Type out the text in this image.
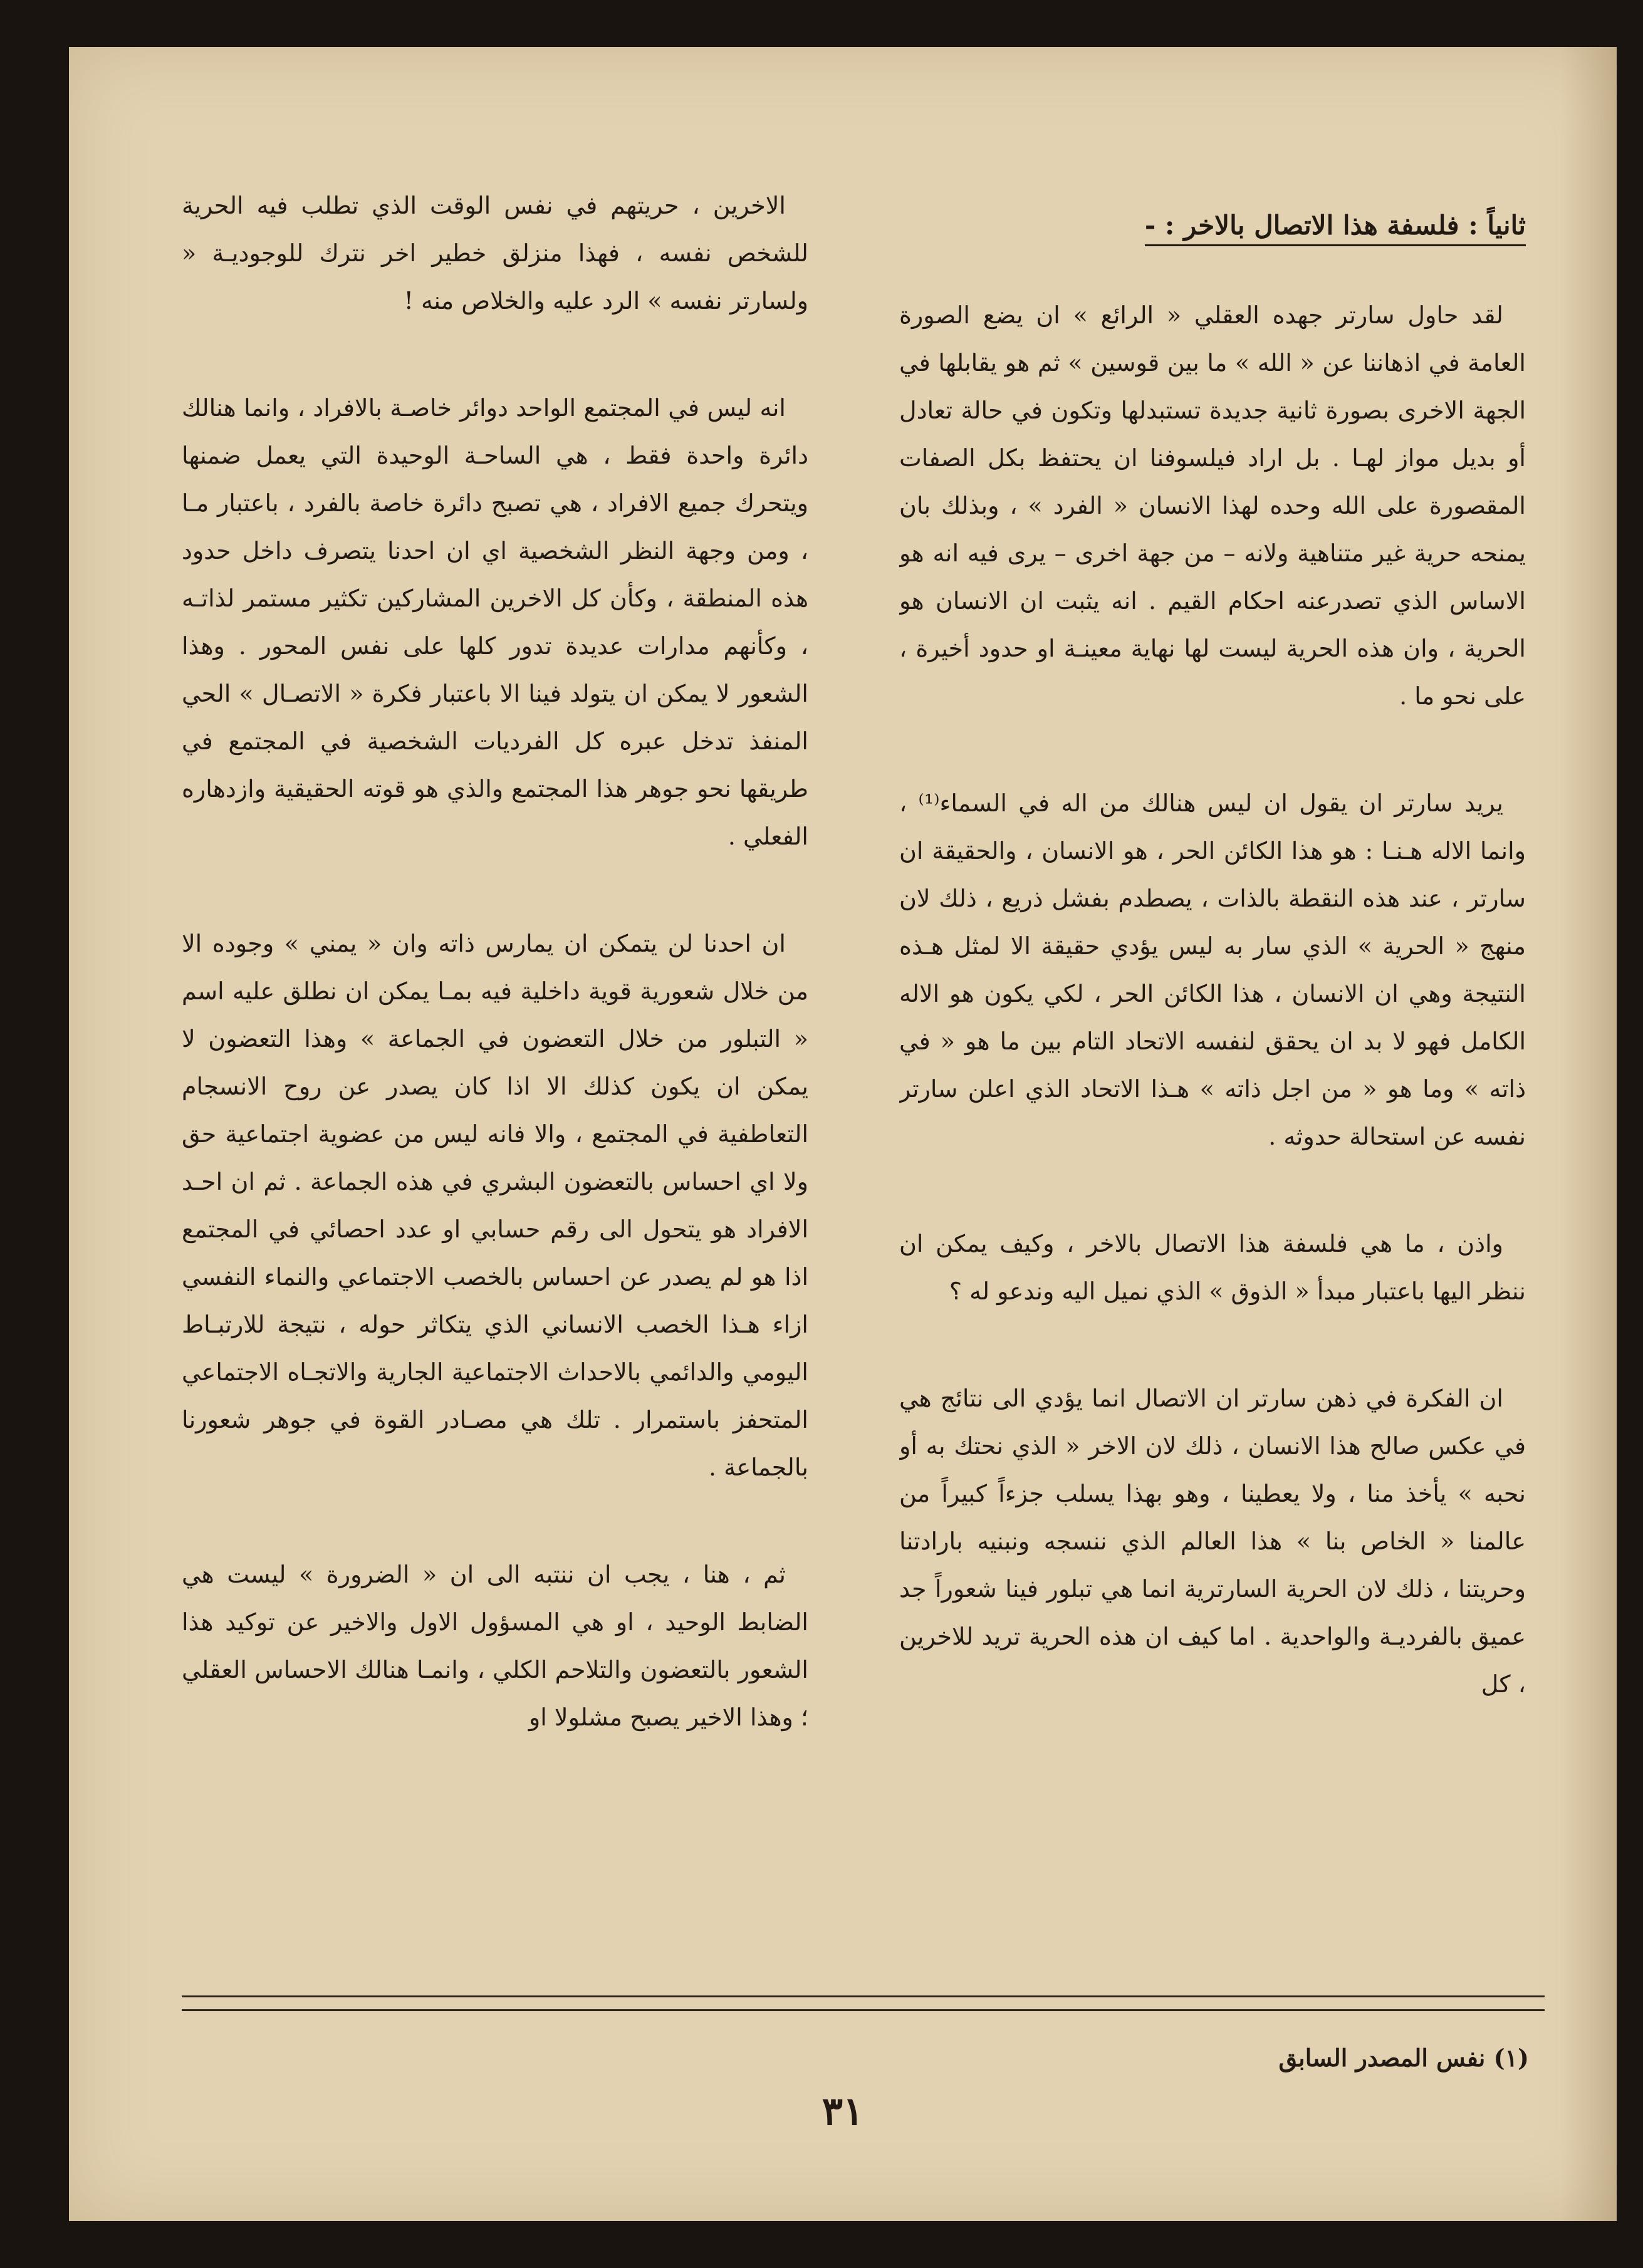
ثانياً : فلسفة هذا الاتصال بالاخر : -

لقد حاول سارتر جهده العقلي « الرائع » ان يضع الصورة العامة في اذهاننا عن « الله » ما بين قوسين » ثم هو يقابلها في الجهة الاخرى بصورة ثانية جديدة تستبدلها وتكون في حالة تعادل أو بديل مواز لهـا . بل اراد فيلسوفنا ان يحتفظ بكل الصفات المقصورة على الله وحده لهذا الانسان « الفرد » ، وبذلك بان يمنحه حرية غير متناهية ولانه – من جهة اخرى – يرى فيه انه هو الاساس الذي تصدرعنه احكام القيم . انه يثبت ان الانسان هو الحرية ، وان هذه الحرية ليست لها نهاية معينـة او حدود أخيرة ، على نحو ما .

يريد سارتر ان يقول ان ليس هنالك من اله في السماء⁽¹⁾ ، وانما الاله هـنـا : هو هذا الكائن الحر ، هو الانسان ، والحقيقة ان سارتر ، عند هذه النقطة بالذات ، يصطدم بفشل ذريع ، ذلك لان منهج « الحرية » الذي سار به ليس يؤدي حقيقة الا لمثل هـذه النتيجة وهي ان الانسان ، هذا الكائن الحر ، لكي يكون هو الاله الكامل فهو لا بد ان يحقق لنفسه الاتحاد التام بين ما هو « في ذاته » وما هو « من اجل ذاته » هـذا الاتحاد الذي اعلن سارتر نفسه عن استحالة حدوثه .

واذن ، ما هي فلسفة هذا الاتصال بالاخر ، وكيف يمكن ان ننظر اليها باعتبار مبدأ « الذوق » الذي نميل اليه وندعو له ؟

ان الفكرة في ذهن سارتر ان الاتصال انما يؤدي الى نتائج هي في عكس صالح هذا الانسان ، ذلك لان الاخر « الذي نحتك به أو نحبه » يأخذ منا ، ولا يعطينا ، وهو بهذا يسلب جزءاً كبيراً من عالمنا « الخاص بنا » هذا العالم الذي ننسجه ونبنيه بارادتنا وحريتنا ، ذلك لان الحرية السارترية انما هي تبلور فينا شعوراً جد عميق بالفرديـة والواحدية . اما كيف ان هذه الحرية تريد للاخرين ، كل

الاخرين ، حريتهم في نفس الوقت الذي تطلب فيه الحرية للشخص نفسه ، فهذا منزلق خطير اخر نترك للوجوديـة « ولسارتر نفسه » الرد عليه والخلاص منه !

انه ليس في المجتمع الواحد دوائر خاصـة بالافراد ، وانما هنالك دائرة واحدة فقط ، هي الساحـة الوحيدة التي يعمل ضمنها ويتحرك جميع الافراد ، هي تصبح دائرة خاصة بالفرد ، باعتبار مـا ، ومن وجهة النظر الشخصية اي ان احدنا يتصرف داخل حدود هذه المنطقة ، وكأن كل الاخرين المشاركين تكثير مستمر لذاتـه ، وكأنهم مدارات عديدة تدور كلها على نفس المحور . وهذا الشعور لا يمكن ان يتولد فينا الا باعتبار فكرة « الاتصـال » الحي المنفذ تدخل عبره كل الفرديات الشخصية في المجتمع في طريقها نحو جوهر هذا المجتمع والذي هو قوته الحقيقية وازدهاره الفعلي .

ان احدنا لن يتمكن ان يمارس ذاته وان « يمني » وجوده الا من خلال شعورية قوية داخلية فيه بمـا يمكن ان نطلق عليه اسم « التبلور من خلال التعضون في الجماعة » وهذا التعضون لا يمكن ان يكون كذلك الا اذا كان يصدر عن روح الانسجام التعاطفية في المجتمع ، والا فانه ليس من عضوية اجتماعية حق ولا اي احساس بالتعضون البشري في هذه الجماعة . ثم ان احـد الافراد هو يتحول الى رقم حسابي او عدد احصائي في المجتمع اذا هو لم يصدر عن احساس بالخصب الاجتماعي والنماء النفسي ازاء هـذا الخصب الانساني الذي يتكاثر حوله ، نتيجة للارتبـاط اليومي والدائمي بالاحداث الاجتماعية الجارية والاتجـاه الاجتماعي المتحفز باستمرار . تلك هي مصـادر القوة في جوهر شعورنا بالجماعة .

ثم ، هنا ، يجب ان ننتبه الى ان « الضرورة » ليست هي الضابط الوحيد ، او هي المسؤول الاول والاخير عن توكيد هذا الشعور بالتعضون والتلاحم الكلي ، وانمـا هنالك الاحساس العقلي ؛ وهذا الاخير يصبح مشلولا او

(١) نفس المصدر السابق
٣١
